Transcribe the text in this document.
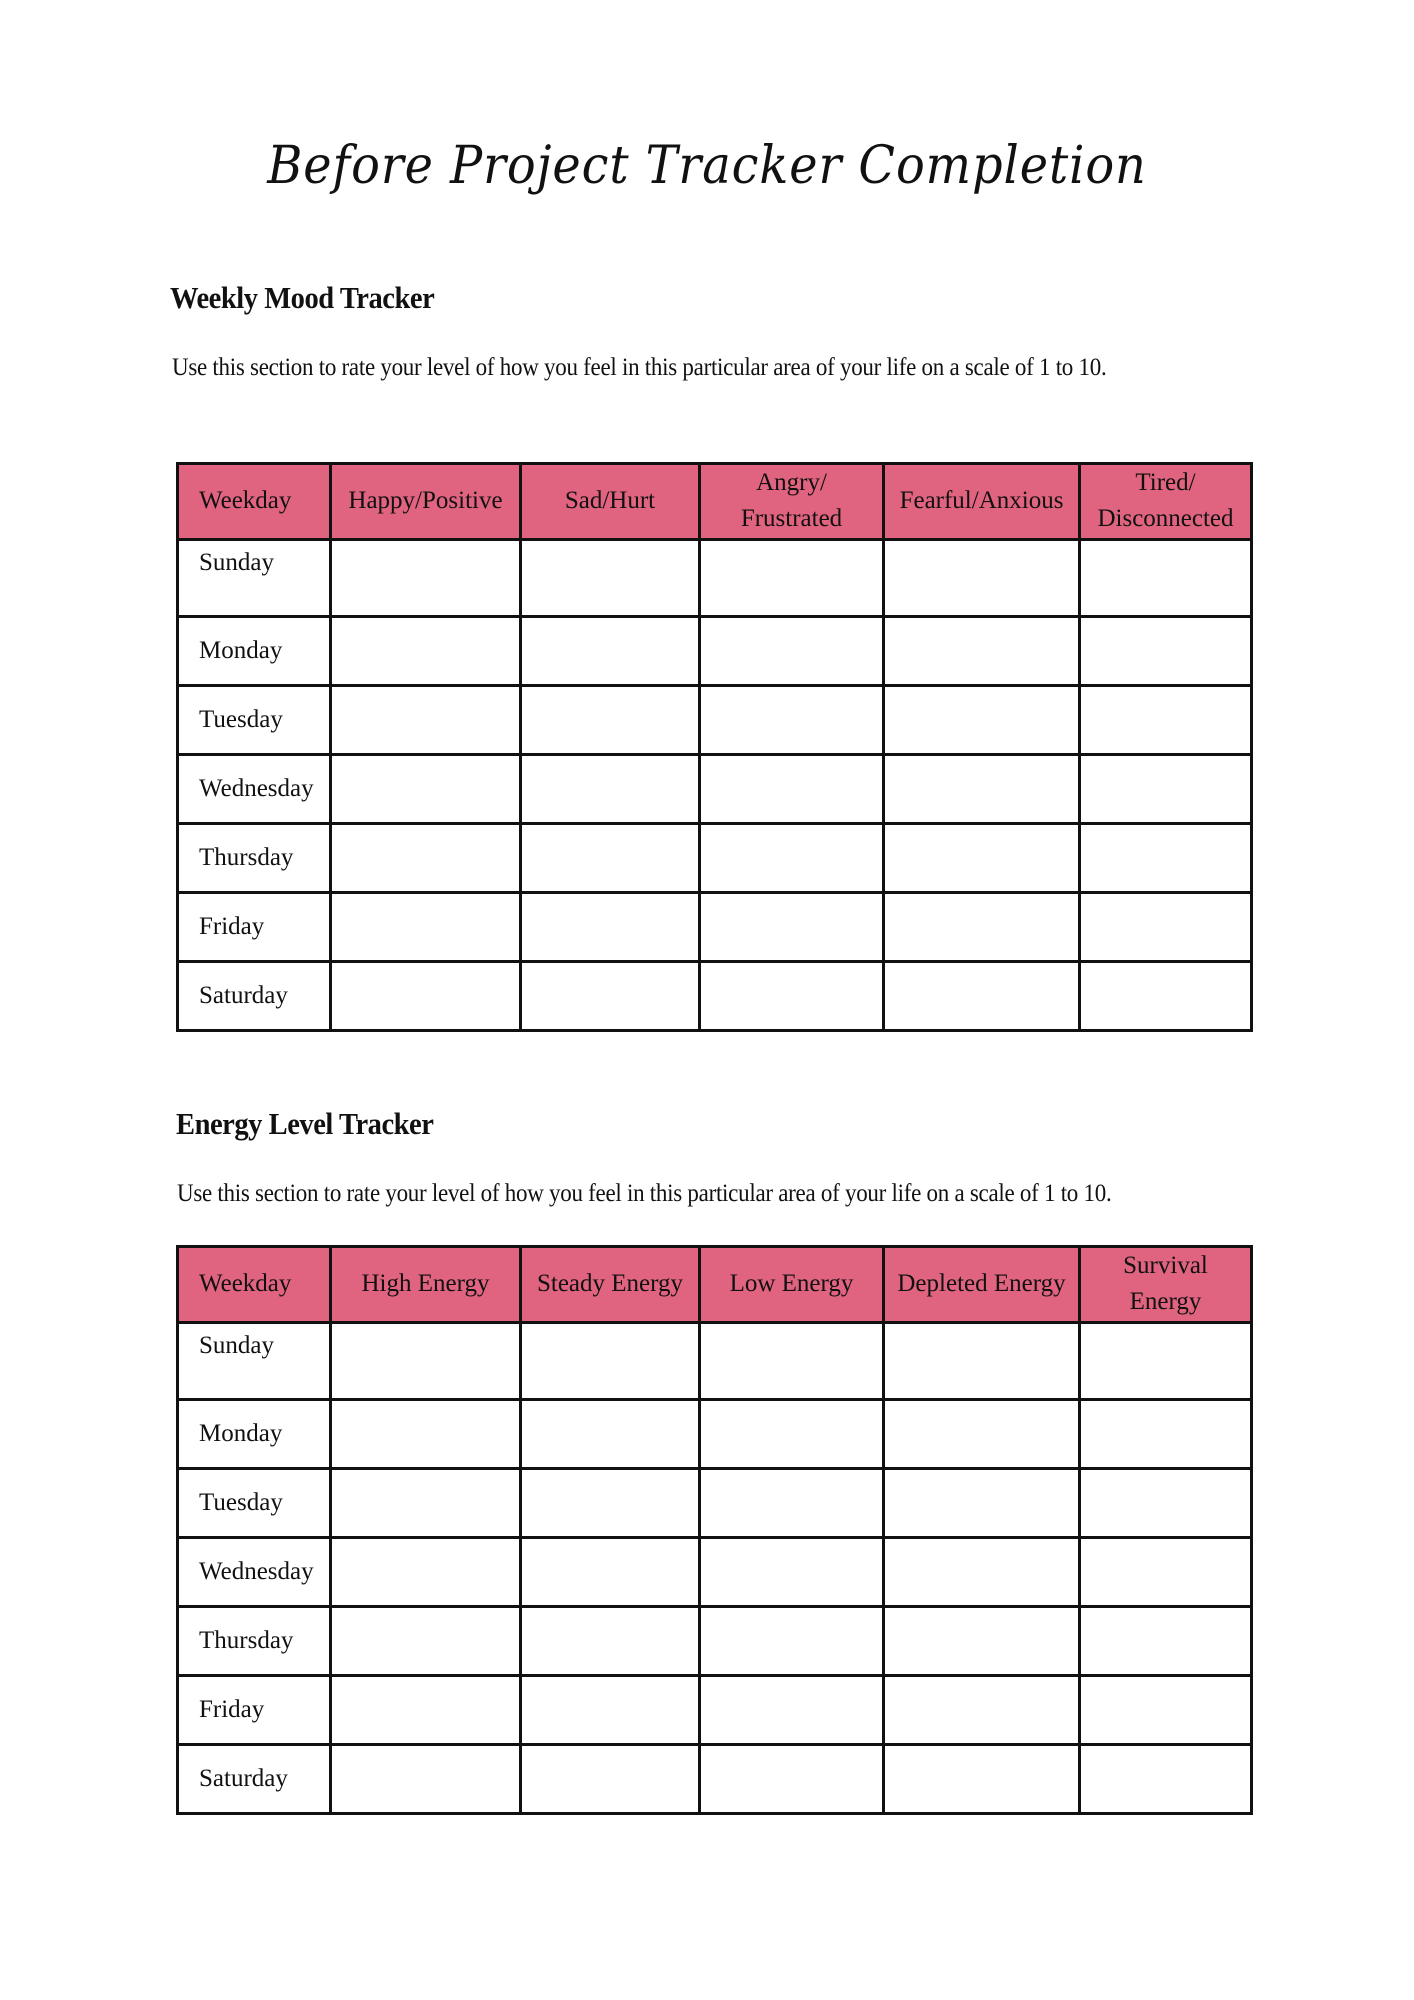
Before Project Tracker Completion
Weekly Mood Tracker

Use this section to rate your level of how you feel in this particular area of your life on a scale of 1 to 10.

Weekday	Happy/Positive	Sad/Hurt	Angry/ Frustrated	Fearful/Anxious	Tired/ Disconnected
Sunday					
Monday					
Tuesday					
Wednesday					
Thursday					
Friday					
Saturday					
Energy Level Tracker

Use this section to rate your level of how you feel in this particular area of your life on a scale of 1 to 10.

Weekday	High Energy	Steady Energy	Low Energy	Depleted Energy	Survival Energy
Sunday					
Monday					
Tuesday					
Wednesday					
Thursday					
Friday					
Saturday					
